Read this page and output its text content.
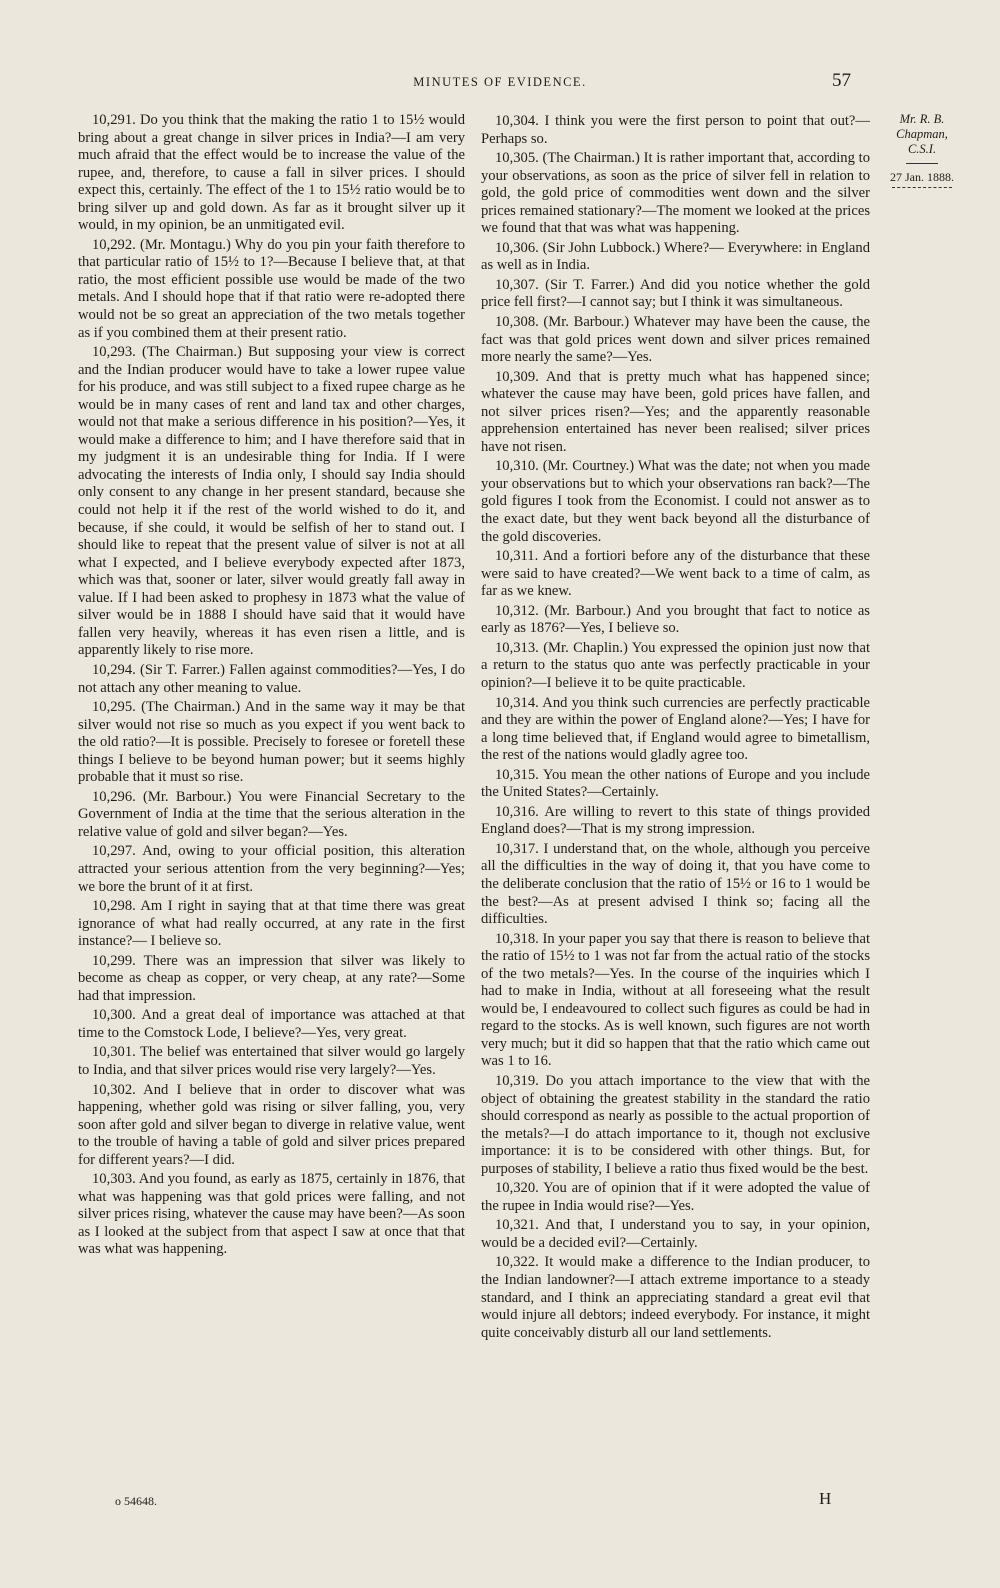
MINUTES OF EVIDENCE.	57
Mr. R. B.
Chapman,
C.S.I.
27 Jan. 1888.

10,291. Do you think that the making the ratio 1 to 15½ would bring about a great change in silver prices in India?—I am very much afraid that the effect would be to increase the value of the rupee, and, therefore, to cause a fall in silver prices. I should expect this, certainly. The effect of the 1 to 15½ ratio would be to bring silver up and gold down. As far as it brought silver up it would, in my opinion, be an unmitigated evil.

10,292. (Mr. Montagu.) Why do you pin your faith therefore to that particular ratio of 15½ to 1?—Because I believe that, at that ratio, the most efficient possible use would be made of the two metals. And I should hope that if that ratio were re-adopted there would not be so great an appreciation of the two metals together as if you combined them at their present ratio.

10,293. (The Chairman.) But supposing your view is correct and the Indian producer would have to take a lower rupee value for his produce, and was still subject to a fixed rupee charge as he would be in many cases of rent and land tax and other charges, would not that make a serious difference in his position?—Yes, it would make a difference to him; and I have therefore said that in my judgment it is an undesirable thing for India. If I were advocating the interests of India only, I should say India should only consent to any change in her present standard, because she could not help it if the rest of the world wished to do it, and because, if she could, it would be selfish of her to stand out. I should like to repeat that the present value of silver is not at all what I expected, and I believe everybody expected after 1873, which was that, sooner or later, silver would greatly fall away in value. If I had been asked to prophesy in 1873 what the value of silver would be in 1888 I should have said that it would have fallen very heavily, whereas it has even risen a little, and is apparently likely to rise more.

10,294. (Sir T. Farrer.) Fallen against commodities?—Yes, I do not attach any other meaning to value.

10,295. (The Chairman.) And in the same way it may be that silver would not rise so much as you expect if you went back to the old ratio?—It is possible. Precisely to foresee or foretell these things I believe to be beyond human power; but it seems highly probable that it must so rise.

10,296. (Mr. Barbour.) You were Financial Secretary to the Government of India at the time that the serious alteration in the relative value of gold and silver began?—Yes.

10,297. And, owing to your official position, this alteration attracted your serious attention from the very beginning?—Yes; we bore the brunt of it at first.

10,298. Am I right in saying that at that time there was great ignorance of what had really occurred, at any rate in the first instance?— I believe so.

10,299. There was an impression that silver was likely to become as cheap as copper, or very cheap, at any rate?—Some had that impression.

10,300. And a great deal of importance was attached at that time to the Comstock Lode, I believe?—Yes, very great.

10,301. The belief was entertained that silver would go largely to India, and that silver prices would rise very largely?—Yes.

10,302. And I believe that in order to discover what was happening, whether gold was rising or silver falling, you, very soon after gold and silver began to diverge in relative value, went to the trouble of having a table of gold and silver prices prepared for different years?—I did.

10,303. And you found, as early as 1875, certainly in 1876, that what was happening was that gold prices were falling, and not silver prices rising, whatever the cause may have been?—As soon as I looked at the subject from that aspect I saw at once that that was what was happening.

10,304. I think you were the first person to point that out?—Perhaps so.

10,305. (The Chairman.) It is rather important that, according to your observations, as soon as the price of silver fell in relation to gold, the gold price of commodities went down and the silver prices remained stationary?—The moment we looked at the prices we found that that was what was happening.

10,306. (Sir John Lubbock.) Where?— Everywhere: in England as well as in India.

10,307. (Sir T. Farrer.) And did you notice whether the gold price fell first?—I cannot say; but I think it was simultaneous.

10,308. (Mr. Barbour.) Whatever may have been the cause, the fact was that gold prices went down and silver prices remained more nearly the same?—Yes.

10,309. And that is pretty much what has happened since; whatever the cause may have been, gold prices have fallen, and not silver prices risen?—Yes; and the apparently reasonable apprehension entertained has never been realised; silver prices have not risen.

10,310. (Mr. Courtney.) What was the date; not when you made your observations but to which your observations ran back?—The gold figures I took from the Economist. I could not answer as to the exact date, but they went back beyond all the disturbance of the gold discoveries.

10,311. And a fortiori before any of the disturbance that these were said to have created?—We went back to a time of calm, as far as we knew.

10,312. (Mr. Barbour.) And you brought that fact to notice as early as 1876?—Yes, I believe so.

10,313. (Mr. Chaplin.) You expressed the opinion just now that a return to the status quo ante was perfectly practicable in your opinion?—I believe it to be quite practicable.

10,314. And you think such currencies are perfectly practicable and they are within the power of England alone?—Yes; I have for a long time believed that, if England would agree to bimetallism, the rest of the nations would gladly agree too.

10,315. You mean the other nations of Europe and you include the United States?—Certainly.

10,316. Are willing to revert to this state of things provided England does?—That is my strong impression.

10,317. I understand that, on the whole, although you perceive all the difficulties in the way of doing it, that you have come to the deliberate conclusion that the ratio of 15½ or 16 to 1 would be the best?—As at present advised I think so; facing all the difficulties.

10,318. In your paper you say that there is reason to believe that the ratio of 15½ to 1 was not far from the actual ratio of the stocks of the two metals?—Yes. In the course of the inquiries which I had to make in India, without at all foreseeing what the result would be, I endeavoured to collect such figures as could be had in regard to the stocks. As is well known, such figures are not worth very much; but it did so happen that that the ratio which came out was 1 to 16.

10,319. Do you attach importance to the view that with the object of obtaining the greatest stability in the standard the ratio should correspond as nearly as possible to the actual proportion of the metals?—I do attach importance to it, though not exclusive importance: it is to be considered with other things. But, for purposes of stability, I believe a ratio thus fixed would be the best.

10,320. You are of opinion that if it were adopted the value of the rupee in India would rise?—Yes.

10,321. And that, I understand you to say, in your opinion, would be a decided evil?—Certainly.

10,322. It would make a difference to the Indian producer, to the Indian landowner?—I attach extreme importance to a steady standard, and I think an appreciating standard a great evil that would injure all debtors; indeed everybody. For instance, it might quite conceivably disturb all our land settlements.

o 54648.	H
